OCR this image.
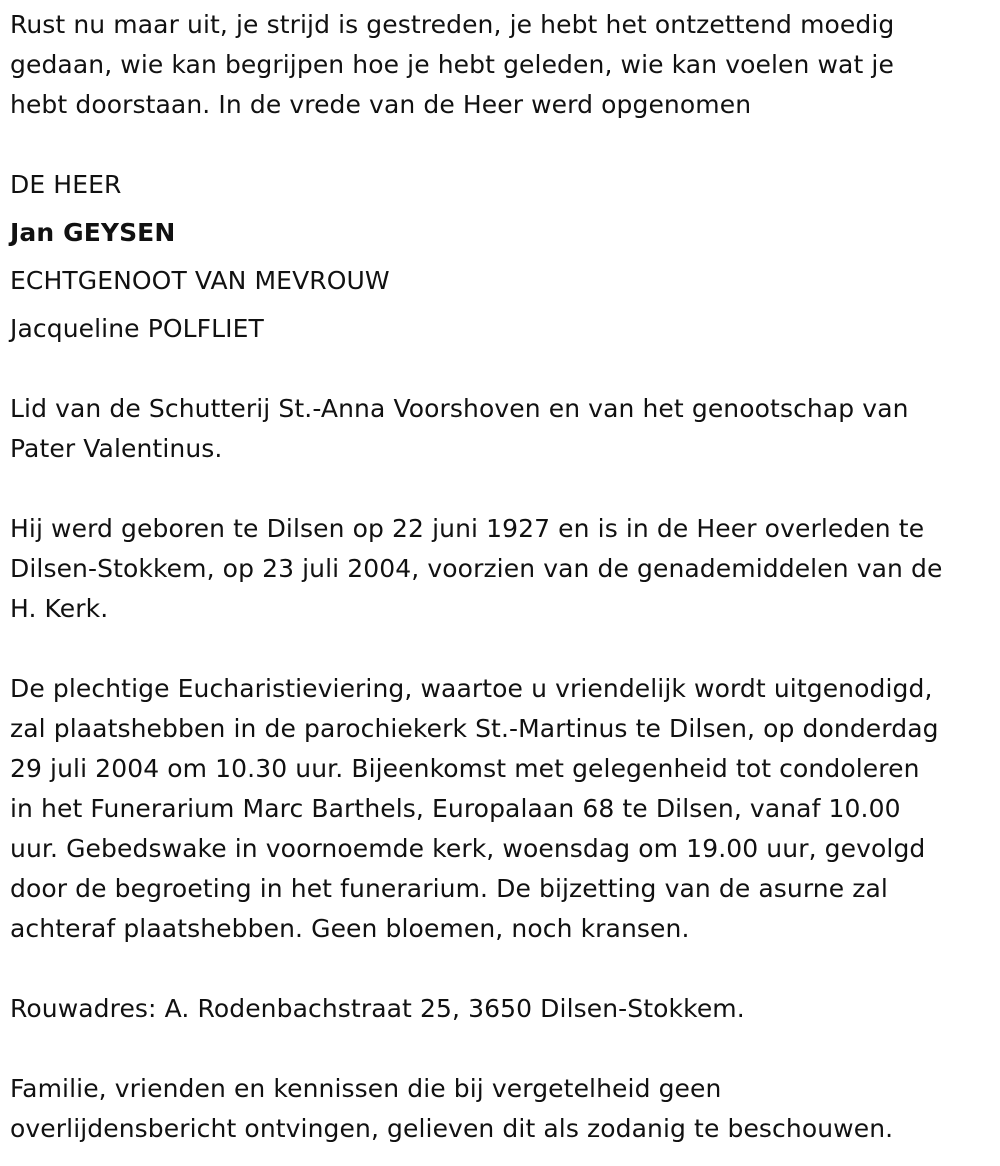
Rust nu maar uit, je strijd is gestreden, je hebt het ontzettend moedig
gedaan, wie kan begrijpen hoe je hebt geleden, wie kan voelen wat je
hebt doorstaan. In de vrede van de Heer werd opgenomen
DE HEER
Jan GEYSEN
ECHTGENOOT VAN MEVROUW
Jacqueline POLFLIET
Lid van de Schutterij St.-Anna Voorshoven en van het genootschap van
Pater Valentinus.
Hij werd geboren te Dilsen op 22 juni 1927 en is in de Heer overleden te
Dilsen-Stokkem, op 23 juli 2004, voorzien van de genademiddelen van de
H. Kerk.
De plechtige Eucharistieviering, waartoe u vriendelijk wordt uitgenodigd,
zal plaatshebben in de parochiekerk St.-Martinus te Dilsen, op donderdag
29 juli 2004 om 10.30 uur. Bijeenkomst met gelegenheid tot condoleren
in het Funerarium Marc Barthels, Europalaan 68 te Dilsen, vanaf 10.00
uur. Gebedswake in voornoemde kerk, woensdag om 19.00 uur, gevolgd
door de begroeting in het funerarium. De bijzetting van de asurne zal
achteraf plaatshebben. Geen bloemen, noch kransen.
Rouwadres: A. Rodenbachstraat 25, 3650 Dilsen-Stokkem.
Familie, vrienden en kennissen die bij vergetelheid geen
overlijdensbericht ontvingen, gelieven dit als zodanig te beschouwen.
